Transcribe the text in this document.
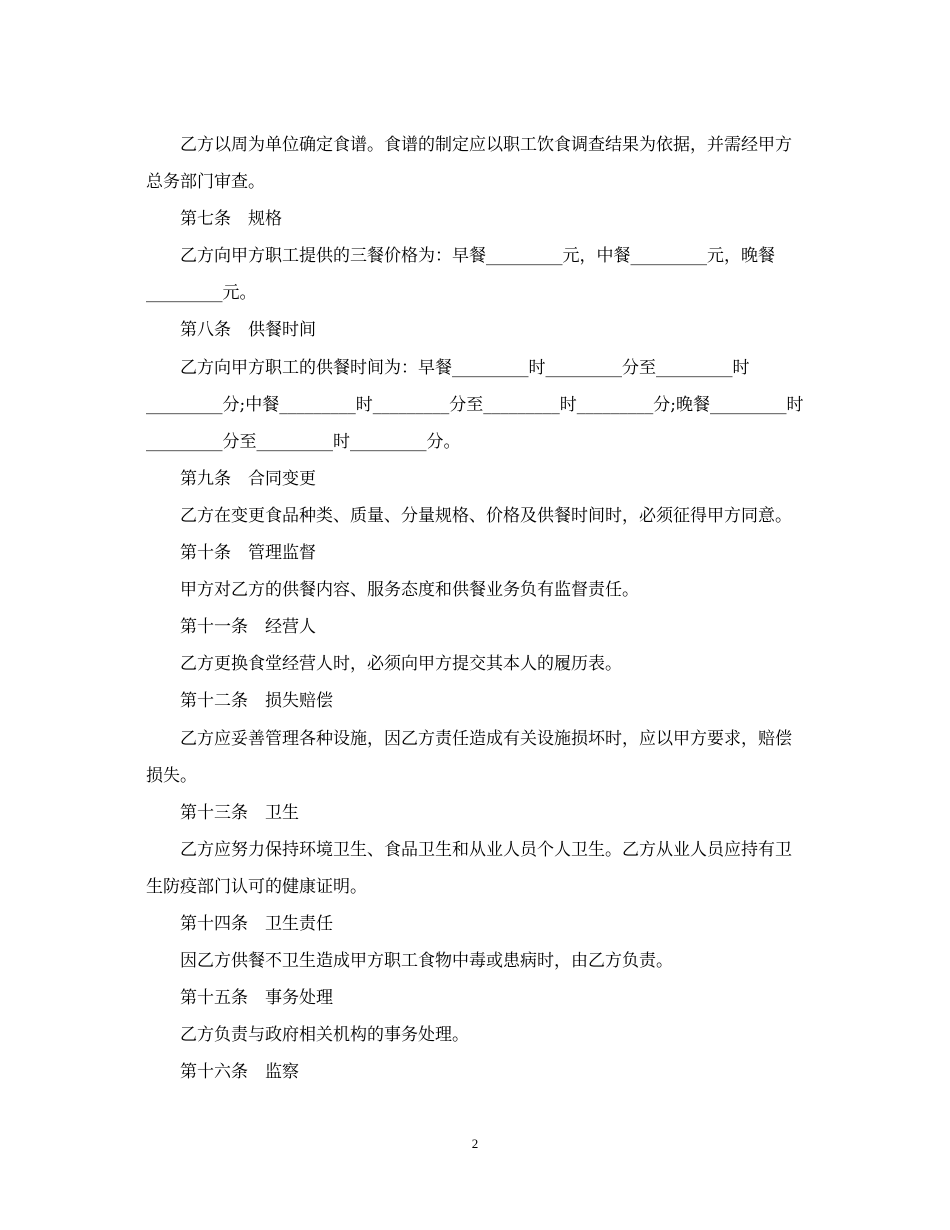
乙方以周为单位确定食谱。食谱的制定应以职工饮食调查结果为依据，并需经甲方总务部门审查。

第七条　规格

乙方向甲方职工提供的三餐价格为：早餐_________元，中餐_________元，晚餐_________元。

第八条　供餐时间

乙方向甲方职工的供餐时间为：早餐_________时_________分至_________时_________分;中餐_________时_________分至_________时_________分;晚餐_________时_________分至_________时_________分。

第九条　合同变更

乙方在变更食品种类、质量、分量规格、价格及供餐时间时，必须征得甲方同意。

第十条　管理监督

甲方对乙方的供餐内容、服务态度和供餐业务负有监督责任。

第十一条　经营人

乙方更换食堂经营人时，必须向甲方提交其本人的履历表。

第十二条　损失赔偿

乙方应妥善管理各种设施，因乙方责任造成有关设施损坏时，应以甲方要求，赔偿损失。

第十三条　卫生

乙方应努力保持环境卫生、食品卫生和从业人员个人卫生。乙方从业人员应持有卫生防疫部门认可的健康证明。

第十四条　卫生责任

因乙方供餐不卫生造成甲方职工食物中毒或患病时，由乙方负责。

第十五条　事务处理

乙方负责与政府相关机构的事务处理。

第十六条　监察

2
